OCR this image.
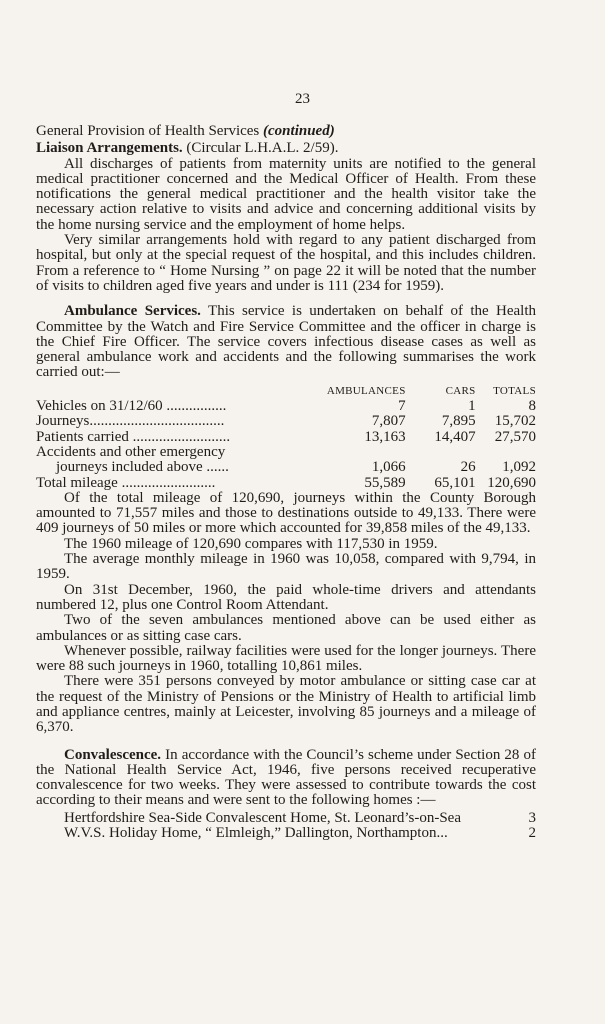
23

General Provision of Health Services (continued)

Liaison Arrangements. (Circular L.H.A.L. 2/59).

All discharges of patients from maternity units are notified to the general medical practitioner concerned and the Medical Officer of Health. From these notifications the general medical practitioner and the health visitor take the necessary action relative to visits and advice and concerning additional visits by the home nursing service and the employment of home helps.

Very similar arrangements hold with regard to any patient discharged from hospital, but only at the special request of the hospital, and this includes children. From a reference to “ Home Nursing ” on page 22 it will be noted that the number of visits to children aged five years and under is 111 (234 for 1959).

Ambulance Services. This service is undertaken on behalf of the Health Committee by the Watch and Fire Service Committee and the officer in charge is the Chief Fire Officer. The service covers infectious disease cases as well as general ambulance work and accidents and the following summarises the work carried out:—

	AMBULANCES	CARS	TOTALS
Vehicles on 31/12/60 ................	7	1	8
Journeys....................................	7,807	7,895	15,702
Patients carried ..........................	13,163	14,407	27,570
Accidents and other emergency			
journeys included above ......	1,066	26	1,092
Total mileage .........................	55,589	65,101	120,690

Of the total mileage of 120,690, journeys within the County Borough amounted to 71,557 miles and those to destinations outside to 49,133. There were 409 journeys of 50 miles or more which accounted for 39,858 miles of the 49,133.

The 1960 mileage of 120,690 compares with 117,530 in 1959.

The average monthly mileage in 1960 was 10,058, compared with 9,794, in 1959.

On 31st December, 1960, the paid whole-time drivers and attendants numbered 12, plus one Control Room Attendant.

Two of the seven ambulances mentioned above can be used either as ambulances or as sitting case cars.

Whenever possible, railway facilities were used for the longer journeys. There were 88 such journeys in 1960, totalling 10,861 miles.

There were 351 persons conveyed by motor ambulance or sitting case car at the request of the Ministry of Pensions or the Ministry of Health to artificial limb and appliance centres, mainly at Leicester, involving 85 journeys and a mileage of 6,370.

Convalescence. In accordance with the Council’s scheme under Section 28 of the National Health Service Act, 1946, five persons received recuperative convalescence for two weeks. They were assessed to contribute towards the cost according to their means and were sent to the following homes :—

Hertfordshire Sea-Side Convalescent Home, St. Leonard’s-on-Sea	3
W.V.S. Holiday Home, “ Elmleigh,” Dallington, Northampton...	2
